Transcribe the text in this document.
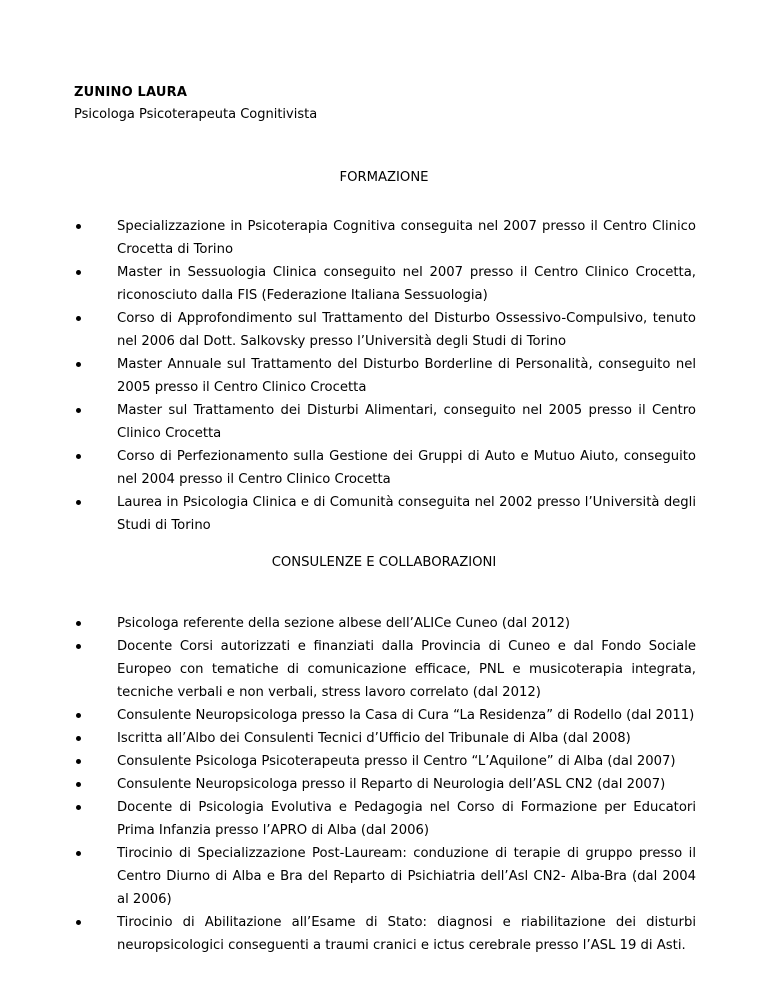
ZUNINO LAURA
Psicologa Psicoterapeuta Cognitivista
FORMAZIONE
Specializzazione in Psicoterapia Cognitiva conseguita nel 2007 presso il Centro Clinico Crocetta di Torino
Master in Sessuologia Clinica conseguito nel 2007 presso il Centro Clinico Crocetta, riconosciuto dalla FIS (Federazione Italiana Sessuologia)
Corso di Approfondimento sul Trattamento del Disturbo Ossessivo-Compulsivo, tenuto nel 2006 dal Dott. Salkovsky presso l’Università degli Studi di Torino
Master Annuale sul Trattamento del Disturbo Borderline di Personalità, conseguito nel 2005 presso il Centro Clinico Crocetta
Master sul Trattamento dei Disturbi Alimentari, conseguito nel 2005 presso il Centro Clinico Crocetta
Corso di Perfezionamento sulla Gestione dei Gruppi di Auto e Mutuo Aiuto, conseguito nel 2004 presso il Centro Clinico Crocetta
Laurea in Psicologia Clinica e di Comunità conseguita nel 2002 presso l’Università degli Studi di Torino
CONSULENZE E COLLABORAZIONI
Psicologa referente della sezione albese dell’ALICe Cuneo (dal 2012)
Docente Corsi autorizzati e finanziati dalla Provincia di Cuneo e dal Fondo Sociale Europeo con tematiche di comunicazione efficace, PNL e musicoterapia integrata, tecniche verbali e non verbali, stress lavoro correlato (dal 2012)
Consulente Neuropsicologa presso la Casa di Cura “La Residenza” di Rodello (dal 2011)
Iscritta all’Albo dei Consulenti Tecnici d’Ufficio del Tribunale di Alba (dal 2008)
Consulente Psicologa Psicoterapeuta presso il Centro “L’Aquilone” di Alba (dal 2007)
Consulente Neuropsicologa presso il Reparto di Neurologia dell’ASL CN2 (dal 2007)
Docente di Psicologia Evolutiva e Pedagogia nel Corso di Formazione per Educatori Prima Infanzia presso l’APRO di Alba (dal 2006)
Tirocinio di Specializzazione Post-Lauream: conduzione di terapie di gruppo presso il Centro Diurno di Alba e Bra del Reparto di Psichiatria dell’Asl CN2- Alba-Bra (dal 2004 al 2006)
Tirocinio di Abilitazione all’Esame di Stato: diagnosi e riabilitazione dei disturbi neuropsicologici conseguenti a traumi cranici e ictus cerebrale presso l’ASL 19 di Asti.
